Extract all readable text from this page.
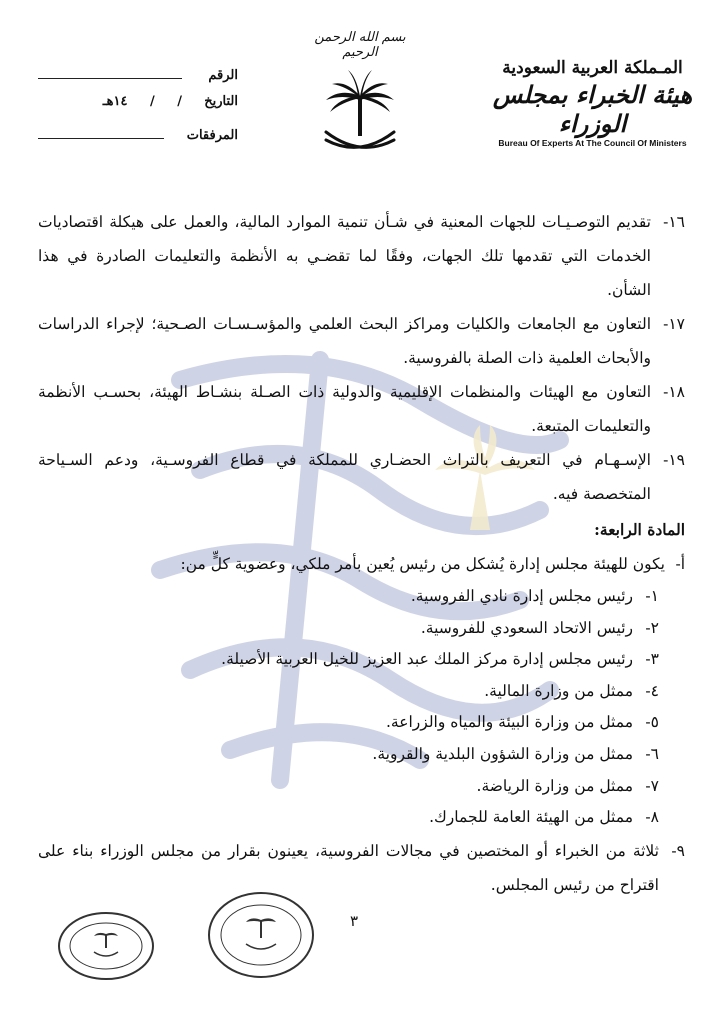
المـملكة العربية السعودية
هيئة الخبراء بمجلس الوزراء
Bureau Of Experts At The Council Of Ministers
بسم الله الرحمن الرحيم
الرقم
التاريخ
/ / ١٤هـ
المرفقات
١٦-
تقديم التوصـيـات للجهات المعنية في شـأن تنمية الموارد المالية، والعمل على هيكلة اقتصاديات الخدمات التي تقدمها تلك الجهات، وفقًا لما تقضـي به الأنظمة والتعليمات الصادرة في هذا الشأن.
١٧-
التعاون مع الجامعات والكليات ومراكز البحث العلمي والمؤسـسـات الصـحية؛ لإجراء الدراسات والأبحاث العلمية ذات الصلة بالفروسية.
١٨-
التعاون مع الهيئات والمنظمات الإقليمية والدولية ذات الصـلة بنشـاط الهيئة، بحسـب الأنظمة والتعليمات المتبعة.
١٩-
الإسـهـام في التعريف بالتراث الحضـاري للمملكة في قطاع الفروسـية، ودعم السـياحة المتخصصة فيه.
المادة الرابعة:
أ-
يكون للهيئة مجلس إدارة يُشكل من رئيس يُعين بأمر ملكي، وعضوية كلٍّ من:
١-
رئيس مجلس إدارة نادي الفروسية.
٢-
رئيس الاتحاد السعودي للفروسية.
٣-
رئيس مجلس إدارة مركز الملك عبد العزيز للخيل العربية الأصيلة.
٤-
ممثل من وزارة المالية.
٥-
ممثل من وزارة البيئة والمياه والزراعة.
٦-
ممثل من وزارة الشؤون البلدية والقروية.
٧-
ممثل من وزارة الرياضة.
٨-
ممثل من الهيئة العامة للجمارك.
٩-
ثلاثة من الخبراء أو المختصين في مجالات الفروسية، يعينون بقرار من مجلس الوزراء بناء على اقتراح من رئيس المجلس.
٣
